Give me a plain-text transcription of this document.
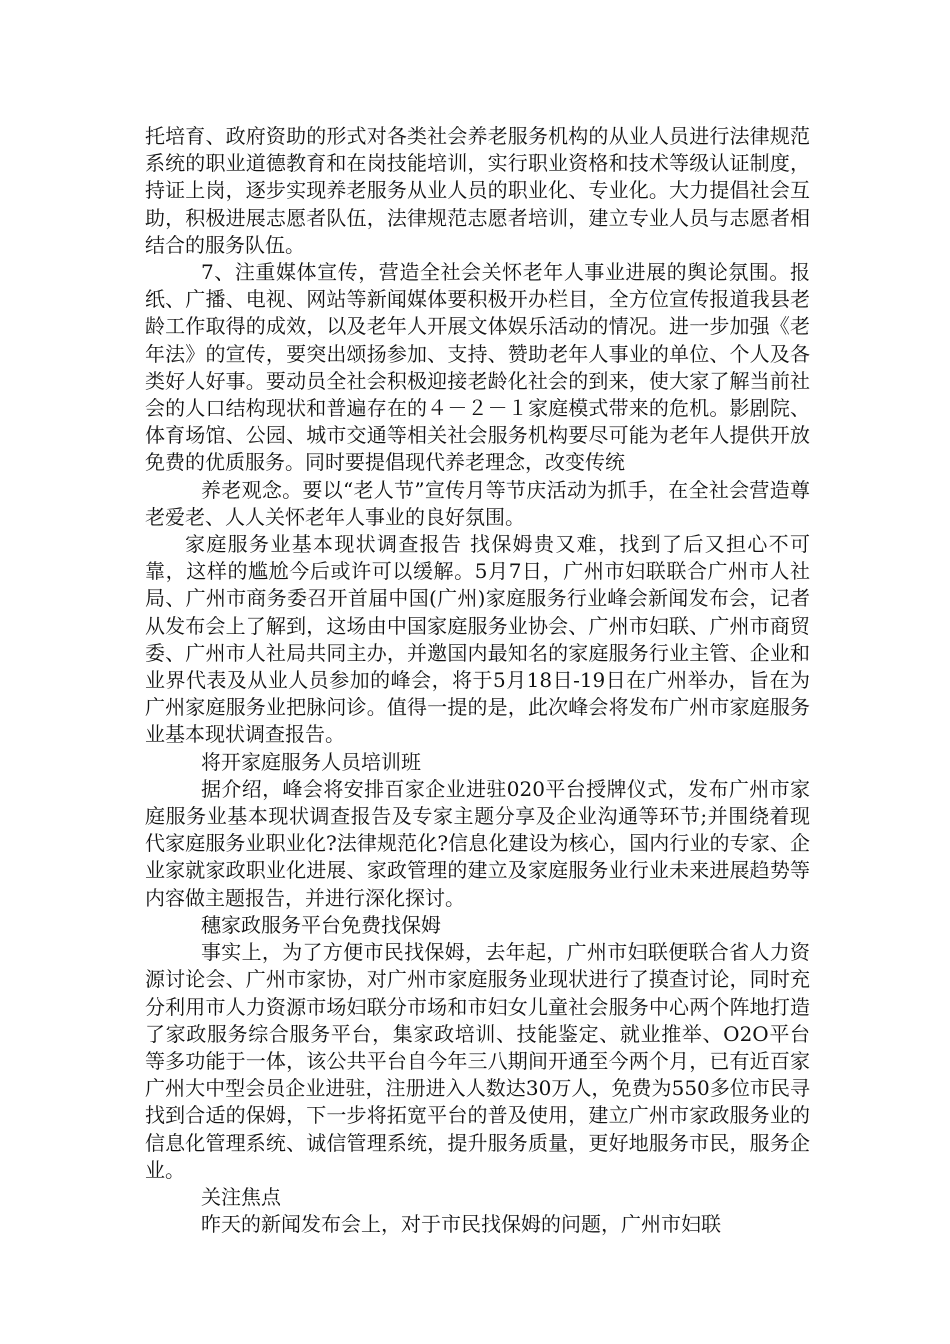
托培育、政府资助的形式对各类社会养老服务机构的从业人员进行法律规范系统的职业道德教育和在岗技能培训，实行职业资格和技术等级认证制度，持证上岗，逐步实现养老服务从业人员的职业化、专业化。大力提倡社会互助，积极进展志愿者队伍，法律规范志愿者培训，建立专业人员与志愿者相结合的服务队伍。

7、注重媒体宣传，营造全社会关怀老年人事业进展的舆论氛围。报纸、广播、电视、网站等新闻媒体要积极开办栏目，全方位宣传报道我县老龄工作取得的成效，以及老年人开展文体娱乐活动的情况。进一步加强《老年法》的宣传，要突出颂扬参加、支持、赞助老年人事业的单位、个人及各类好人好事。要动员全社会积极迎接老龄化社会的到来，使大家了解当前社会的人口结构现状和普遍存在的４－２－１家庭模式带来的危机。影剧院、体育场馆、公园、城市交通等相关社会服务机构要尽可能为老年人提供开放免费的优质服务。同时要提倡现代养老理念，改变传统

养老观念。要以“老人节”宣传月等节庆活动为抓手，在全社会营造尊老爱老、人人关怀老年人事业的良好氛围。

家庭服务业基本现状调查报告 找保姆贵又难，找到了后又担心不可靠，这样的尴尬今后或许可以缓解。5月7日，广州市妇联联合广州市人社局、广州市商务委召开首届中国(广州)家庭服务行业峰会新闻发布会，记者从发布会上了解到，这场由中国家庭服务业协会、广州市妇联、广州市商贸委、广州市人社局共同主办，并邀国内最知名的家庭服务行业主管、企业和业界代表及从业人员参加的峰会，将于5月18日-19日在广州举办，旨在为广州家庭服务业把脉问诊。值得一提的是，此次峰会将发布广州市家庭服务业基本现状调查报告。

将开家庭服务人员培训班

据介绍，峰会将安排百家企业进驻020平台授牌仪式，发布广州市家庭服务业基本现状调查报告及专家主题分享及企业沟通等环节;并围绕着现代家庭服务业职业化?法律规范化?信息化建设为核心，国内行业的专家、企业家就家政职业化进展、家政管理的建立及家庭服务业行业未来进展趋势等内容做主题报告，并进行深化探讨。

穗家政服务平台免费找保姆

事实上，为了方便市民找保姆，去年起，广州市妇联便联合省人力资源讨论会、广州市家协，对广州市家庭服务业现状进行了摸查讨论，同时充分利用市人力资源市场妇联分市场和市妇女儿童社会服务中心两个阵地打造了家政服务综合服务平台，集家政培训、技能鉴定、就业推举、O2O平台等多功能于一体，该公共平台自今年三八期间开通至今两个月，已有近百家广州大中型会员企业进驻，注册进入人数达30万人，免费为550多位市民寻找到合适的保姆，下一步将拓宽平台的普及使用，建立广州市家政服务业的信息化管理系统、诚信管理系统，提升服务质量，更好地服务市民，服务企业。

关注焦点

昨天的新闻发布会上，对于市民找保姆的问题，广州市妇联
